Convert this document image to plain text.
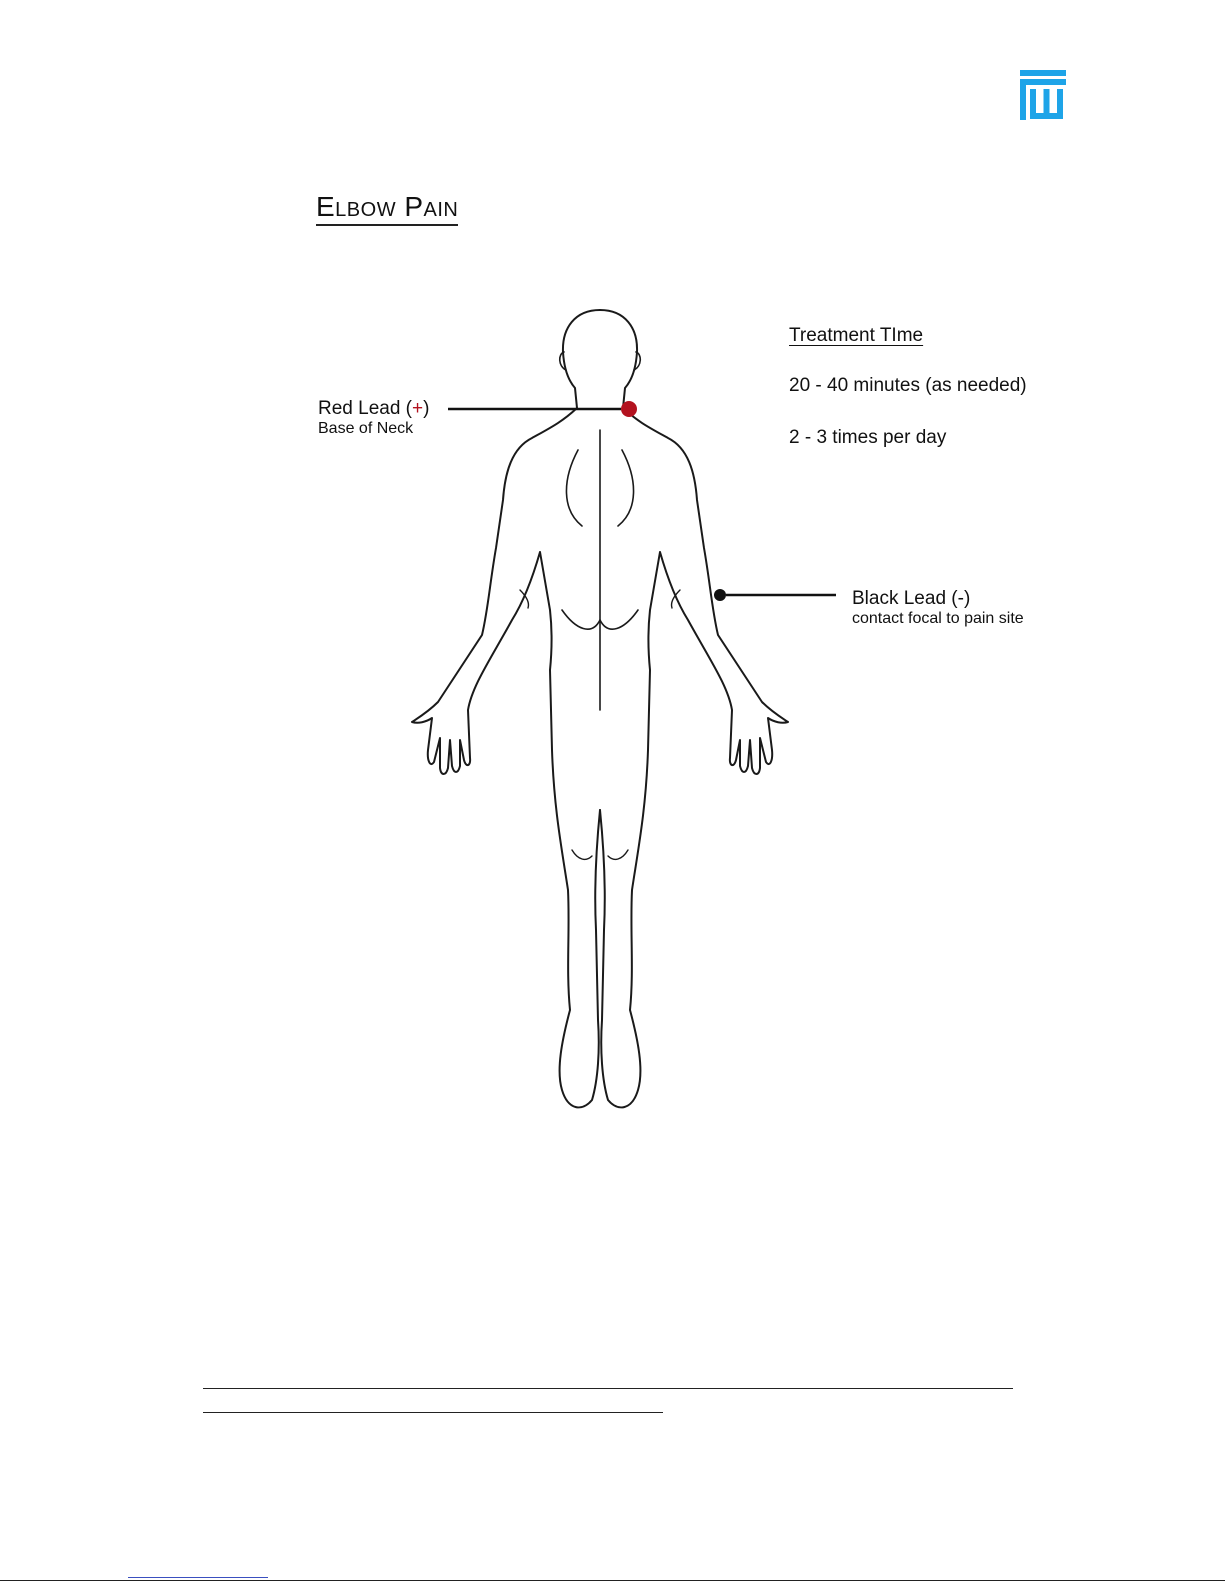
Elbow Pain
Red Lead (+)
Base of Neck
Black Lead (-)
contact focal to pain site
Treatment TIme
20 - 40 minutes (as needed)
2 - 3 times per day
